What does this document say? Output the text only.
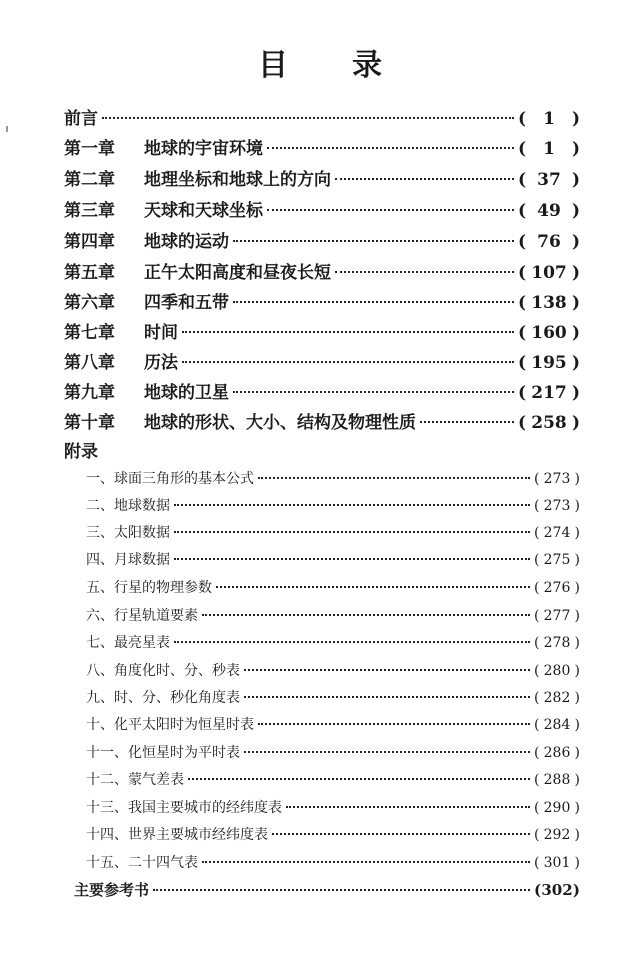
目 录
前言	( 1 )
第一章	地球的宇宙环境	( 1 )
第二章	地理坐标和地球上的方向	( 37 )
第三章	天球和天球坐标	( 49 )
第四章	地球的运动	( 76 )
第五章	正午太阳高度和昼夜长短	( 107 )
第六章	四季和五带	( 138 )
第七章	时间	( 160 )
第八章	历法	( 195 )
第九章	地球的卫星	( 217 )
第十章	地球的形状、大小、结构及物理性质	( 258 )
附录
一、球面三角形的基本公式	( 273 )
二、地球数据	( 273 )
三、太阳数据	( 274 )
四、月球数据	( 275 )
五、行星的物理参数	( 276 )
六、行星轨道要素	( 277 )
七、最亮星表	( 278 )
八、角度化时、分、秒表	( 280 )
九、时、分、秒化角度表	( 282 )
十、化平太阳时为恒星时表	( 284 )
十一、化恒星时为平时表	( 286 )
十二、蒙气差表	( 288 )
十三、我国主要城市的经纬度表	( 290 )
十四、世界主要城市经纬度表	( 292 )
十五、二十四气表	( 301 )
主要参考书	( 302 )
